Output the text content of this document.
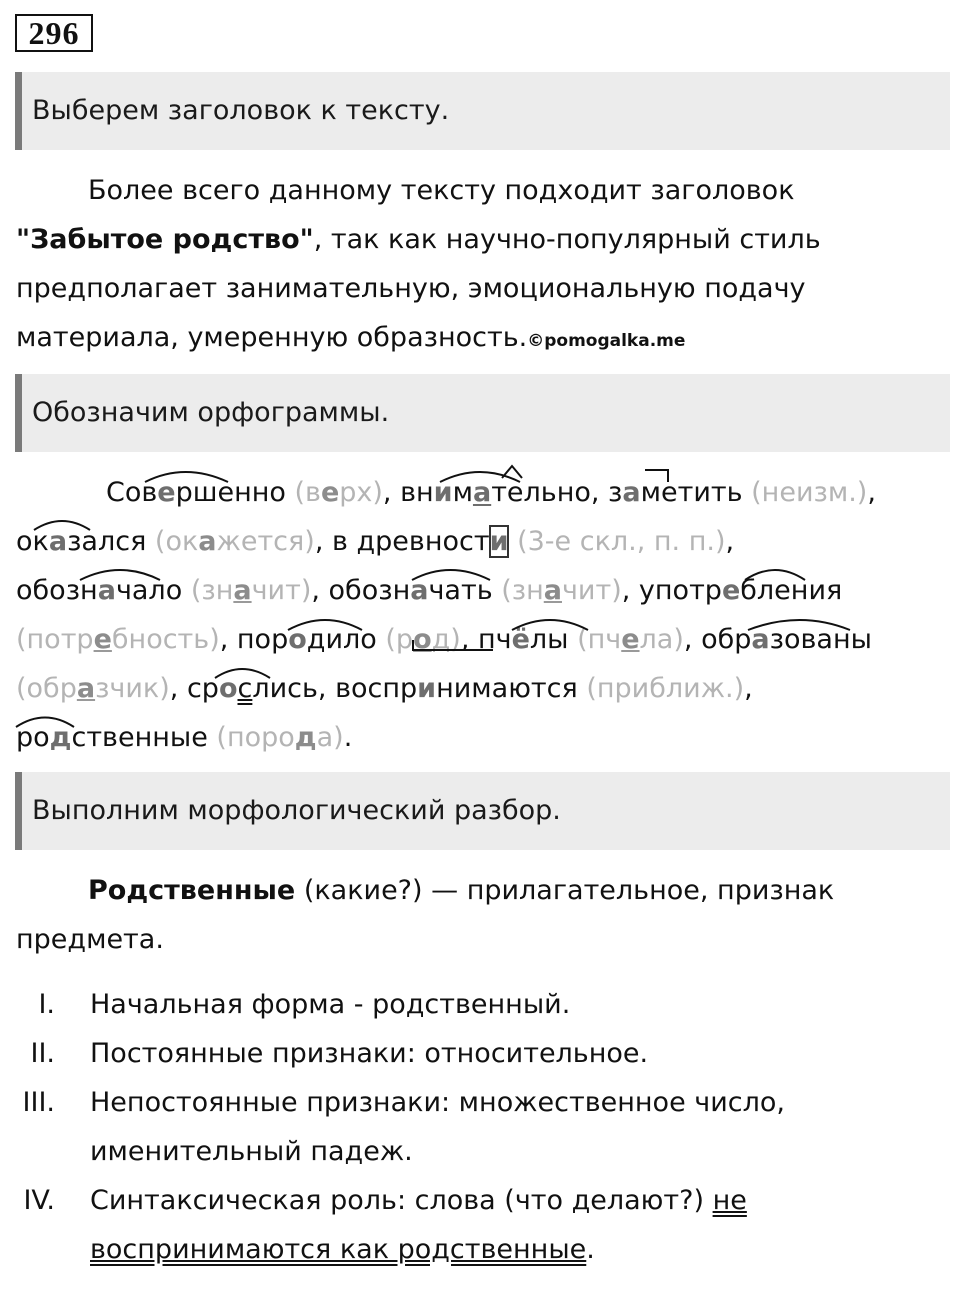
296
Выберем заголовок к тексту.
Более всего данному тексту подходит заголовок "Забытое родство", так как научно-популярный стиль предполагает занимательную, эмоциональную подачу материала, умеренную образность.©pomogalka.me
Обозначим орфограммы.
Совершенно (верх), внимательно, заметить (неизм.),
оказался (окажется), в древности (3-е скл., п. п.),
обозначало (значит), обозначать (значит), употребления
(потребность), породило (род), пчёлы (пчела), образованы
(образчик), срослись, воспринимаются (приближ.),
родственные (порода).
Выполним морфологический разбор.
Родственные (какие?) — прилагательное, признак предмета.
I. Начальная форма - родственный.
II. Постоянные признаки: относительное.
III. Непостоянные признаки: множественное число, именительный падеж.
IV. Синтаксическая роль: слова (что делают?) не воспринимаются как родственные.
